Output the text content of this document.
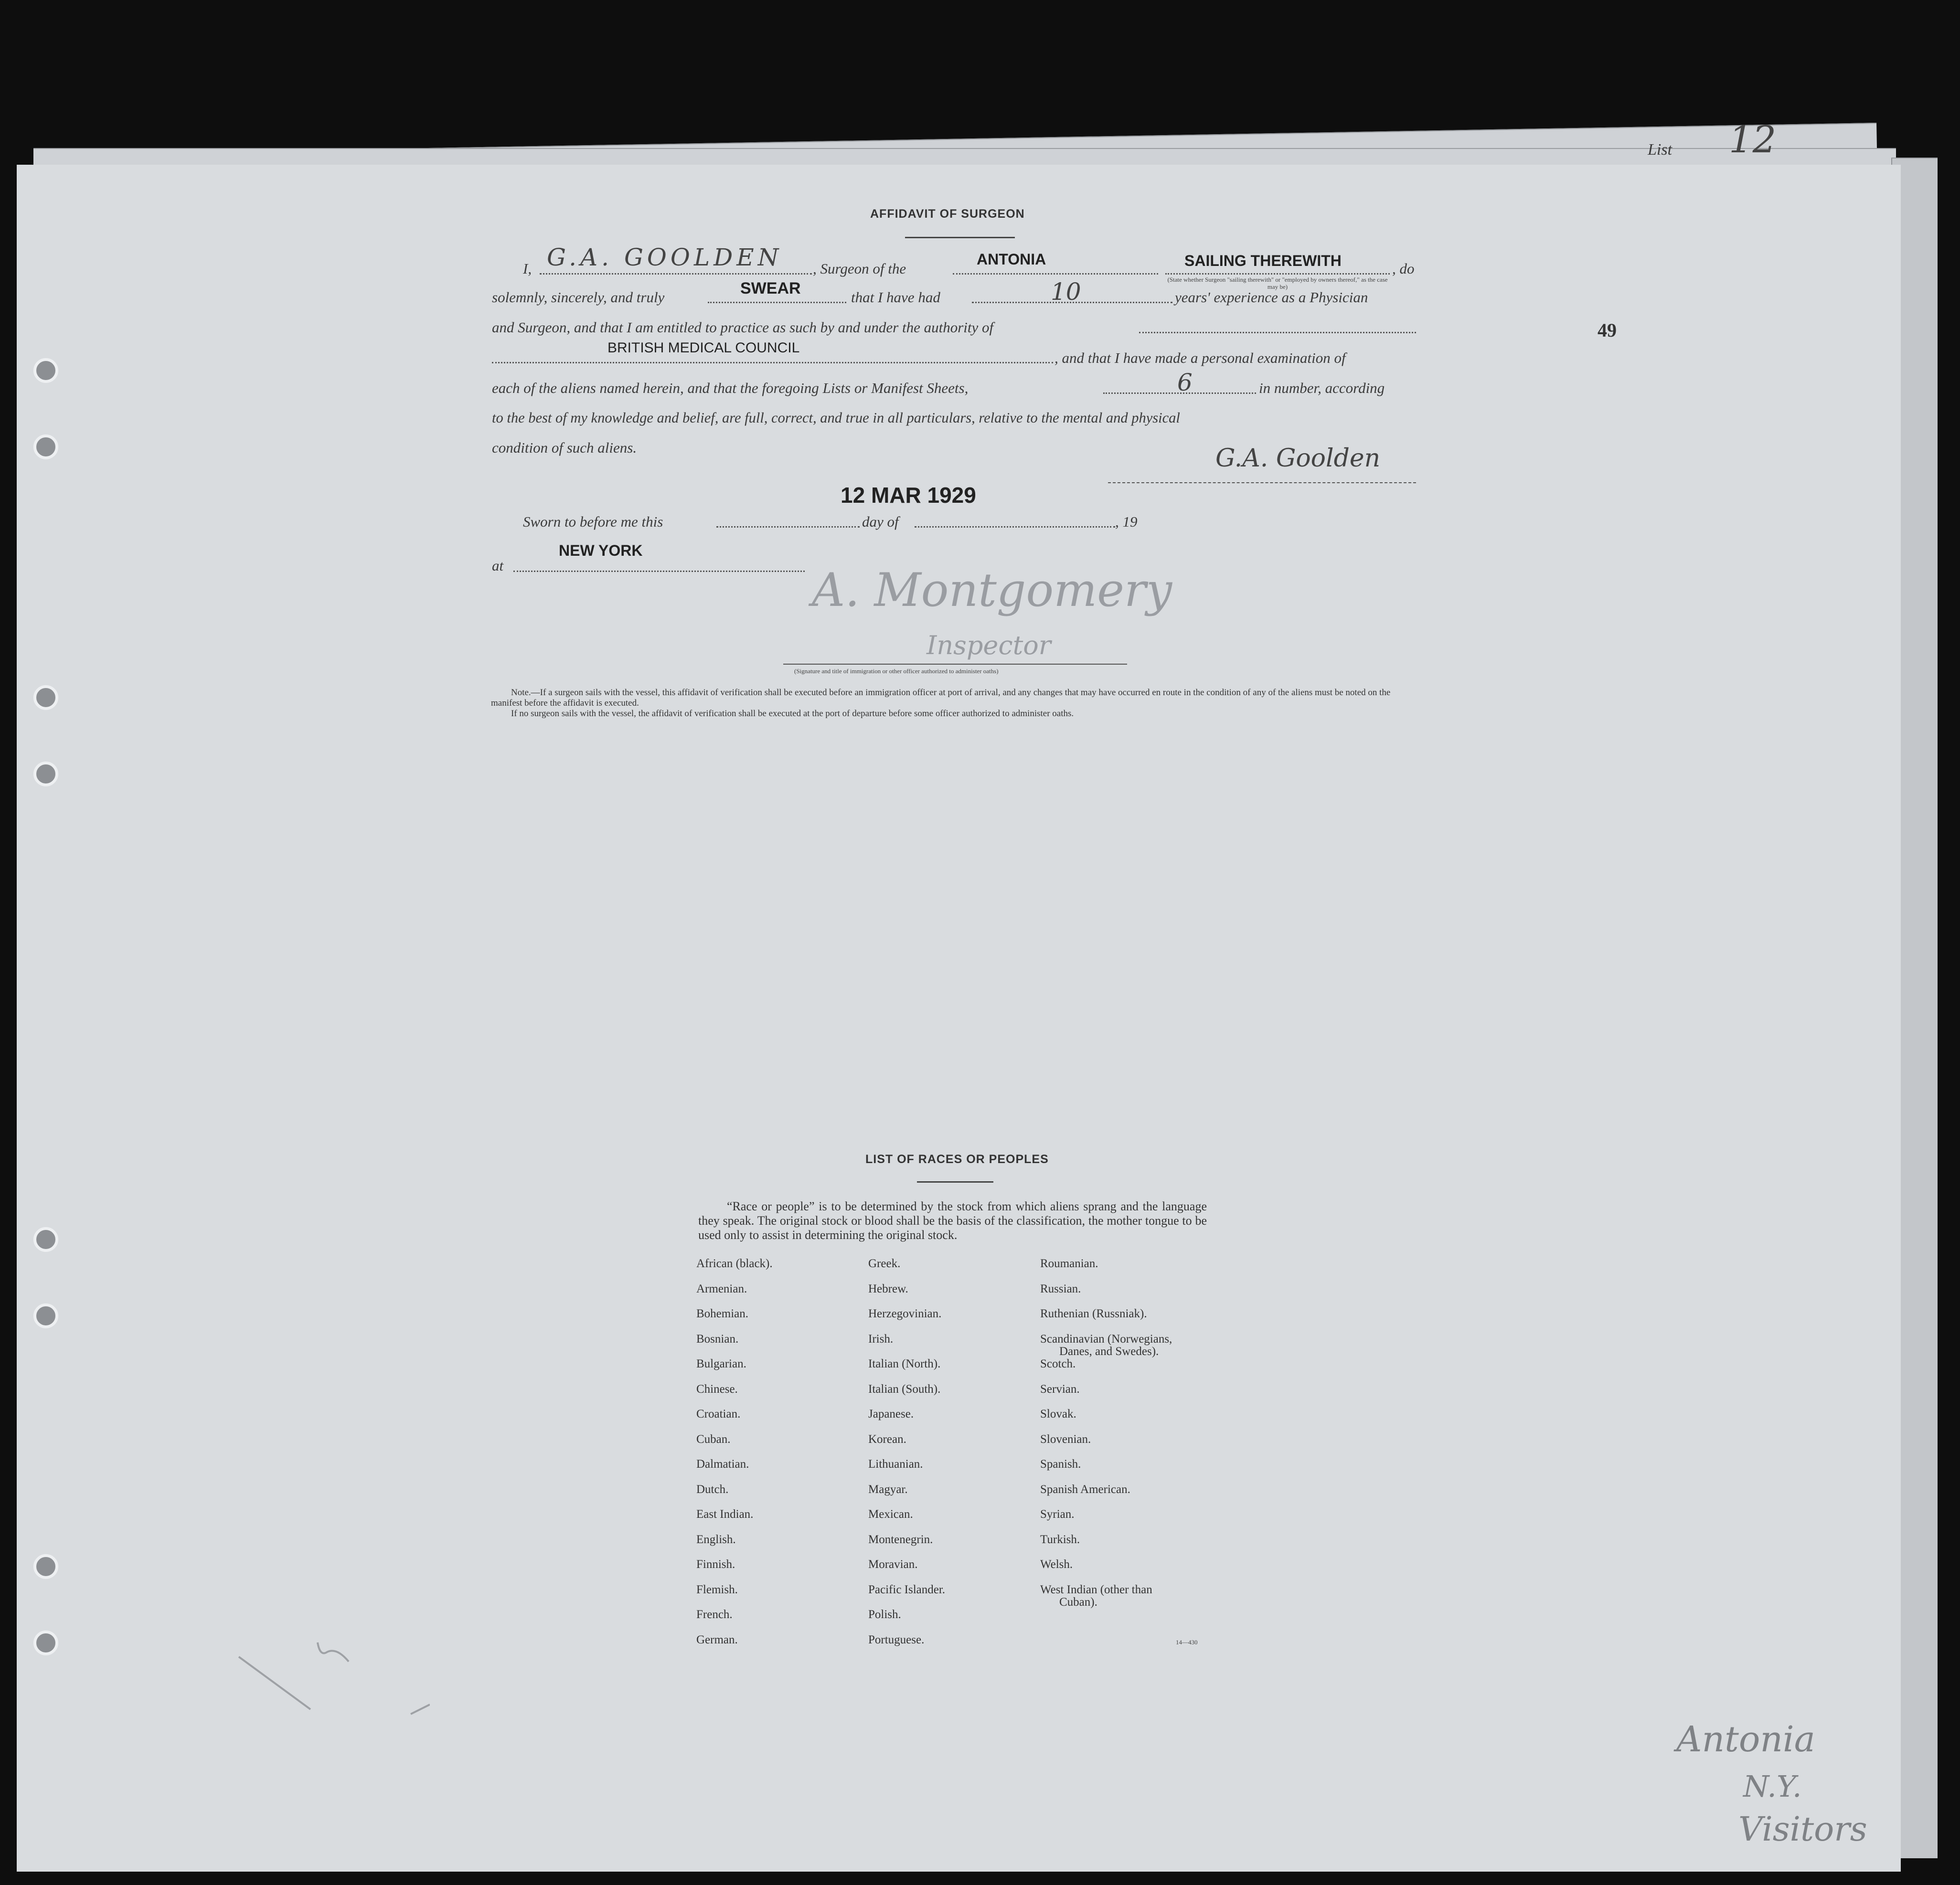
List 12
49
AFFIDAVIT OF SURGEON
I, G.A. GOOLDEN , Surgeon of the
ANTONIA	SAILING THEREWITH
(State whether Surgeon "sailing therewith" or "employed by owners thereof," as the case may be)
, do
solemnly, sincerely, and truly	SWEAR	that I have had	10	years' experience as a Physician
and Surgeon, and that I am entitled to practice as such by and under the authority of
BRITISH MEDICAL COUNCIL
, and that I have made a personal examination of
each of the aliens named herein, and that the foregoing Lists or Manifest Sheets,	6	in number, according
to the best of my knowledge and belief, are full, correct, and true in all particulars, relative to the mental and physical
condition of such aliens.	G.A. Goolden
12 MAR 1929
Sworn to before me this	day of	, 19
NEW YORK
at	A. Montgomery
Inspector
(Signature and title of immigration or other officer authorized to administer oaths)
Note.—If a surgeon sails with the vessel, this affidavit of verification shall be executed before an immigration officer at port of arrival, and any changes that may have occurred en route in the condition of any of the aliens must be noted on the manifest before the affidavit is executed.
If no surgeon sails with the vessel, the affidavit of verification shall be executed at the port of departure before some officer authorized to administer oaths.
LIST OF RACES OR PEOPLES
“Race or people” is to be determined by the stock from which aliens sprang and the language they speak. The original stock or blood shall be the basis of the classification, the mother tongue to be used only to assist in determining the original stock.
African (black).
Armenian.
Bohemian.
Bosnian.
Bulgarian.
Chinese.
Croatian.
Cuban.
Dalmatian.
Dutch.
East Indian.
English.
Finnish.
Flemish.
French.
German.
Greek.
Hebrew.
Herzegovinian.
Irish.
Italian (North).
Italian (South).
Japanese.
Korean.
Lithuanian.
Magyar.
Mexican.
Montenegrin.
Moravian.
Pacific Islander.
Polish.
Portuguese.
Roumanian.
Russian.
Ruthenian (Russniak).
Scandinavian (Norwegians,
Danes, and Swedes).
Scotch.
Servian.
Slovak.
Slovenian.
Spanish.
Spanish American.
Syrian.
Turkish.
Welsh.
West Indian (other than
Cuban).
14—430
Antonia
N.Y.
Visitors
